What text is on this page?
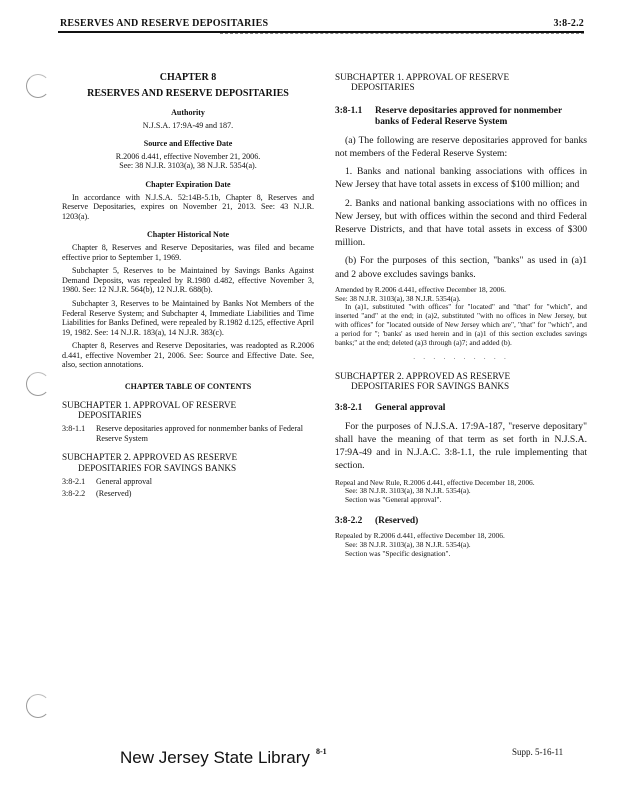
RESERVES AND RESERVE DEPOSITARIES	3:8-2.2
CHAPTER 8
RESERVES AND RESERVE DEPOSITARIES
Authority

N.J.S.A. 17:9A-49 and 187.

Source and Effective Date

R.2006 d.441, effective November 21, 2006.

See: 38 N.J.R. 3103(a), 38 N.J.R. 5354(a).

Chapter Expiration Date

In accordance with N.J.S.A. 52:14B-5.1b, Chapter 8, Reserves and Reserve Depositaries, expires on November 21, 2013. See: 43 N.J.R. 1203(a).

Chapter Historical Note

Chapter 8, Reserves and Reserve Depositaries, was filed and became effective prior to September 1, 1969.

Subchapter 5, Reserves to be Maintained by Savings Banks Against Demand Deposits, was repealed by R.1980 d.482, effective November 3, 1980. See: 12 N.J.R. 564(b), 12 N.J.R. 688(b).

Subchapter 3, Reserves to be Maintained by Banks Not Members of the Federal Reserve System; and Subchapter 4, Immediate Liabilities and Time Liabilities for Banks Defined, were repealed by R.1982 d.125, effective April 19, 1982. See: 14 N.J.R. 183(a), 14 N.J.R. 383(c).

Chapter 8, Reserves and Reserve Depositaries, was readopted as R.2006 d.441, effective November 21, 2006. See: Source and Effective Date. See, also, section annotations.

CHAPTER TABLE OF CONTENTS
SUBCHAPTER 1. APPROVAL OF RESERVE
DEPOSITARIES
3:8-1.1	Reserve depositaries approved for nonmember banks of Federal Reserve System
SUBCHAPTER 2. APPROVED AS RESERVE
DEPOSITARIES FOR SAVINGS BANKS
3:8-2.1	General approval
3:8-2.2	(Reserved)
SUBCHAPTER 1. APPROVAL OF RESERVE
DEPOSITARIES
3:8-1.1	Reserve depositaries approved for nonmember banks of Federal Reserve System

(a) The following are reserve depositaries approved for banks not members of the Federal Reserve System:

1. Banks and national banking associations with offices in New Jersey that have total assets in excess of $100 million; and

2. Banks and national banking associations with no offices in New Jersey, but with offices within the second and third Federal Reserve Districts, and that have total assets in excess of $300 million.

(b) For the purposes of this section, "banks" as used in (a)1 and 2 above excludes savings banks.

Amended by R.2006 d.441, effective December 18, 2006.

See: 38 N.J.R. 3103(a), 38 N.J.R. 5354(a).

In (a)1, substituted "with offices" for "located" and "that" for "which", and inserted "and" at the end; in (a)2, substituted "with no offices in New Jersey, but with offices" for "located outside of New Jersey which are", "that" for "which", and a period for "; 'banks' as used herein and in (a)1 of this section excludes savings banks;" at the end; deleted (a)3 through (a)7; and added (b).

· · · · · · · · · ·
SUBCHAPTER 2. APPROVED AS RESERVE
DEPOSITARIES FOR SAVINGS BANKS
3:8-2.1	General approval

For the purposes of N.J.S.A. 17:9A-187, "reserve depositary" shall have the meaning of that term as set forth in N.J.S.A. 17:9A-49 and in N.J.A.C. 3:8-1.1, the rule implementing that section.

Repeal and New Rule, R.2006 d.441, effective December 18, 2006.

See: 38 N.J.R. 3103(a), 38 N.J.R. 5354(a).

Section was "General approval".

3:8-2.2	(Reserved)

Repealed by R.2006 d.441, effective December 18, 2006.

See: 38 N.J.R. 3103(a), 38 N.J.R. 5354(a).

Section was "Specific designation".

New Jersey State Library 8-1	Supp. 5-16-11
